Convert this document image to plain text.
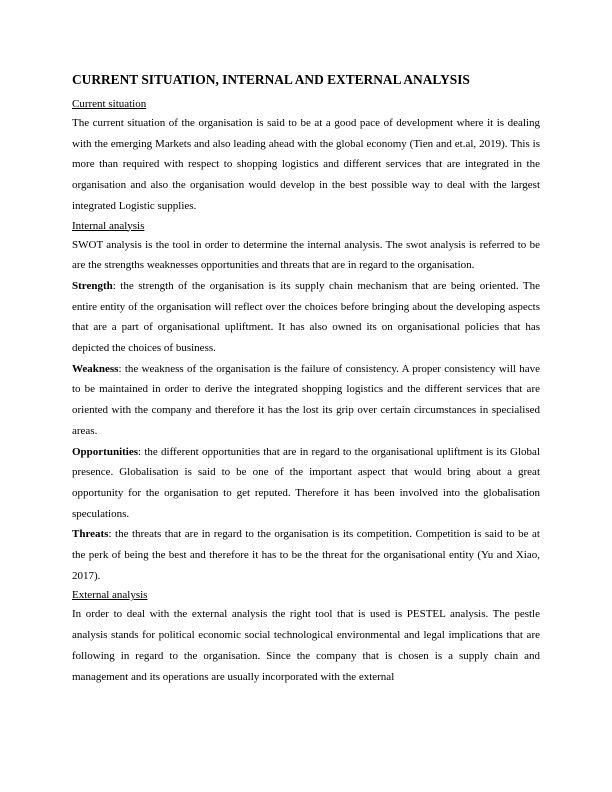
CURRENT SITUATION, INTERNAL AND EXTERNAL ANALYSIS
Current situation

The current situation of the organisation is said to be at a good pace of development where it is dealing with the emerging Markets and also leading ahead with the global economy (Tien and et.al, 2019). This is more than required with respect to shopping logistics and different services that are integrated in the organisation and also the organisation would develop in the best possible way to deal with the largest integrated Logistic supplies.

Internal analysis

SWOT analysis is the tool in order to determine the internal analysis. The swot analysis is referred to be are the strengths weaknesses opportunities and threats that are in regard to the organisation.

Strength: the strength of the organisation is its supply chain mechanism that are being oriented. The entire entity of the organisation will reflect over the choices before bringing about the developing aspects that are a part of organisational upliftment. It has also owned its on organisational policies that has depicted the choices of business.

Weakness: the weakness of the organisation is the failure of consistency. A proper consistency will have to be maintained in order to derive the integrated shopping logistics and the different services that are oriented with the company and therefore it has the lost its grip over certain circumstances in specialised areas.

Opportunities: the different opportunities that are in regard to the organisational upliftment is its Global presence. Globalisation is said to be one of the important aspect that would bring about a great opportunity for the organisation to get reputed. Therefore it has been involved into the globalisation speculations.

Threats: the threats that are in regard to the organisation is its competition. Competition is said to be at the perk of being the best and therefore it has to be the threat for the organisational entity (Yu and Xiao, 2017).

External analysis

In order to deal with the external analysis the right tool that is used is PESTEL analysis. The pestle analysis stands for political economic social technological environmental and legal implications that are following in regard to the organisation. Since the company that is chosen is a supply chain and management and its operations are usually incorporated with the external
